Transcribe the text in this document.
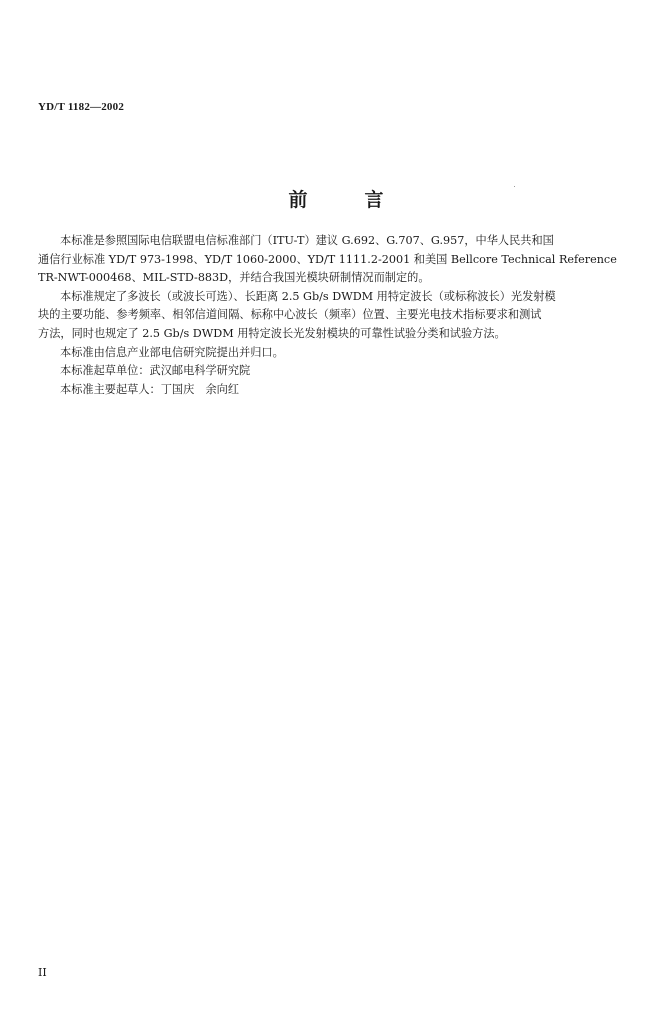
YD/T 1182—2002
前　　　言
本标准是参照国际电信联盟电信标准部门（ITU-T）建议 G.692、G.707、G.957，中华人民共和国
通信行业标准 YD/T 973-1998、YD/T 1060-2000、YD/T 1111.2-2001 和美国 Bellcore Technical Reference
TR-NWT-000468、MIL-STD-883D，并结合我国光模块研制情况而制定的。
本标准规定了多波长（或波长可选）、长距离 2.5 Gb/s DWDM 用特定波长（或标称波长）光发射模
块的主要功能、参考频率、相邻信道间隔、标称中心波长（频率）位置、主要光电技术指标要求和测试
方法，同时也规定了 2.5 Gb/s DWDM 用特定波长光发射模块的可靠性试验分类和试验方法。
本标准由信息产业部电信研究院提出并归口。
本标准起草单位：武汉邮电科学研究院
本标准主要起草人：丁国庆　余向红
II
